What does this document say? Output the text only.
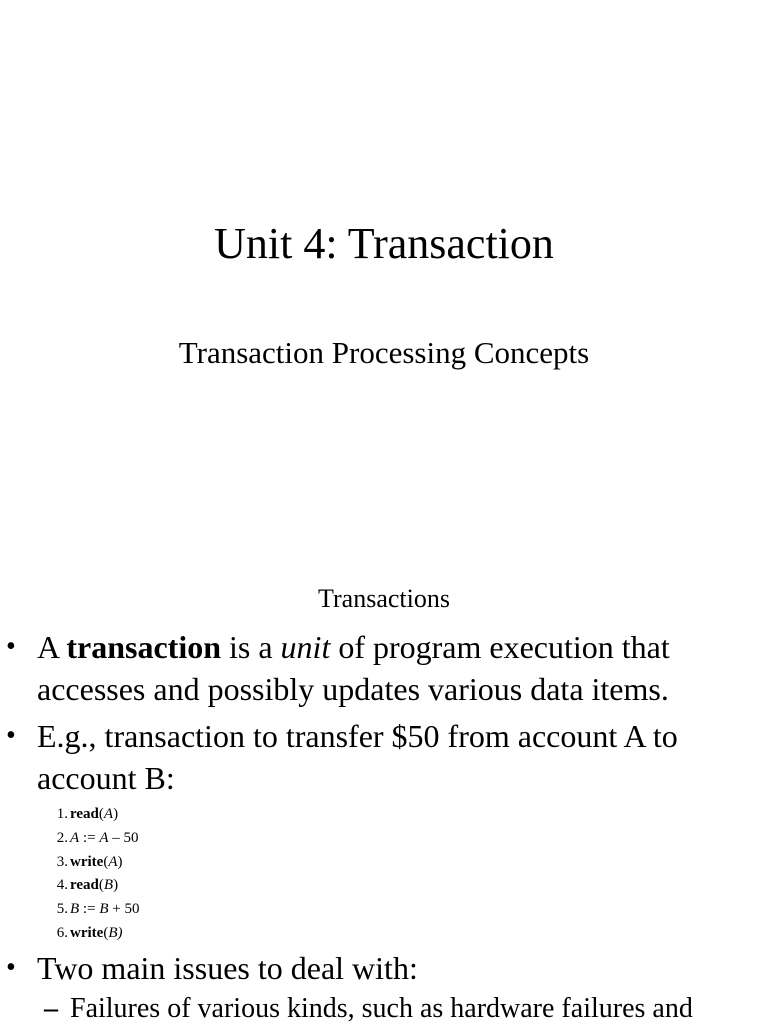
Unit 4: Transaction
Transaction Processing Concepts
Transactions
• A transaction is a unit of program execution that
accesses and possibly updates various data items.
• E.g., transaction to transfer $50 from account A to
account B:
1. read(A)
2. A := A – 50
3. write(A)
4. read(B)
5. B := B + 50
6. write(B)
• Two main issues to deal with:
– Failures of various kinds, such as hardware failures and
